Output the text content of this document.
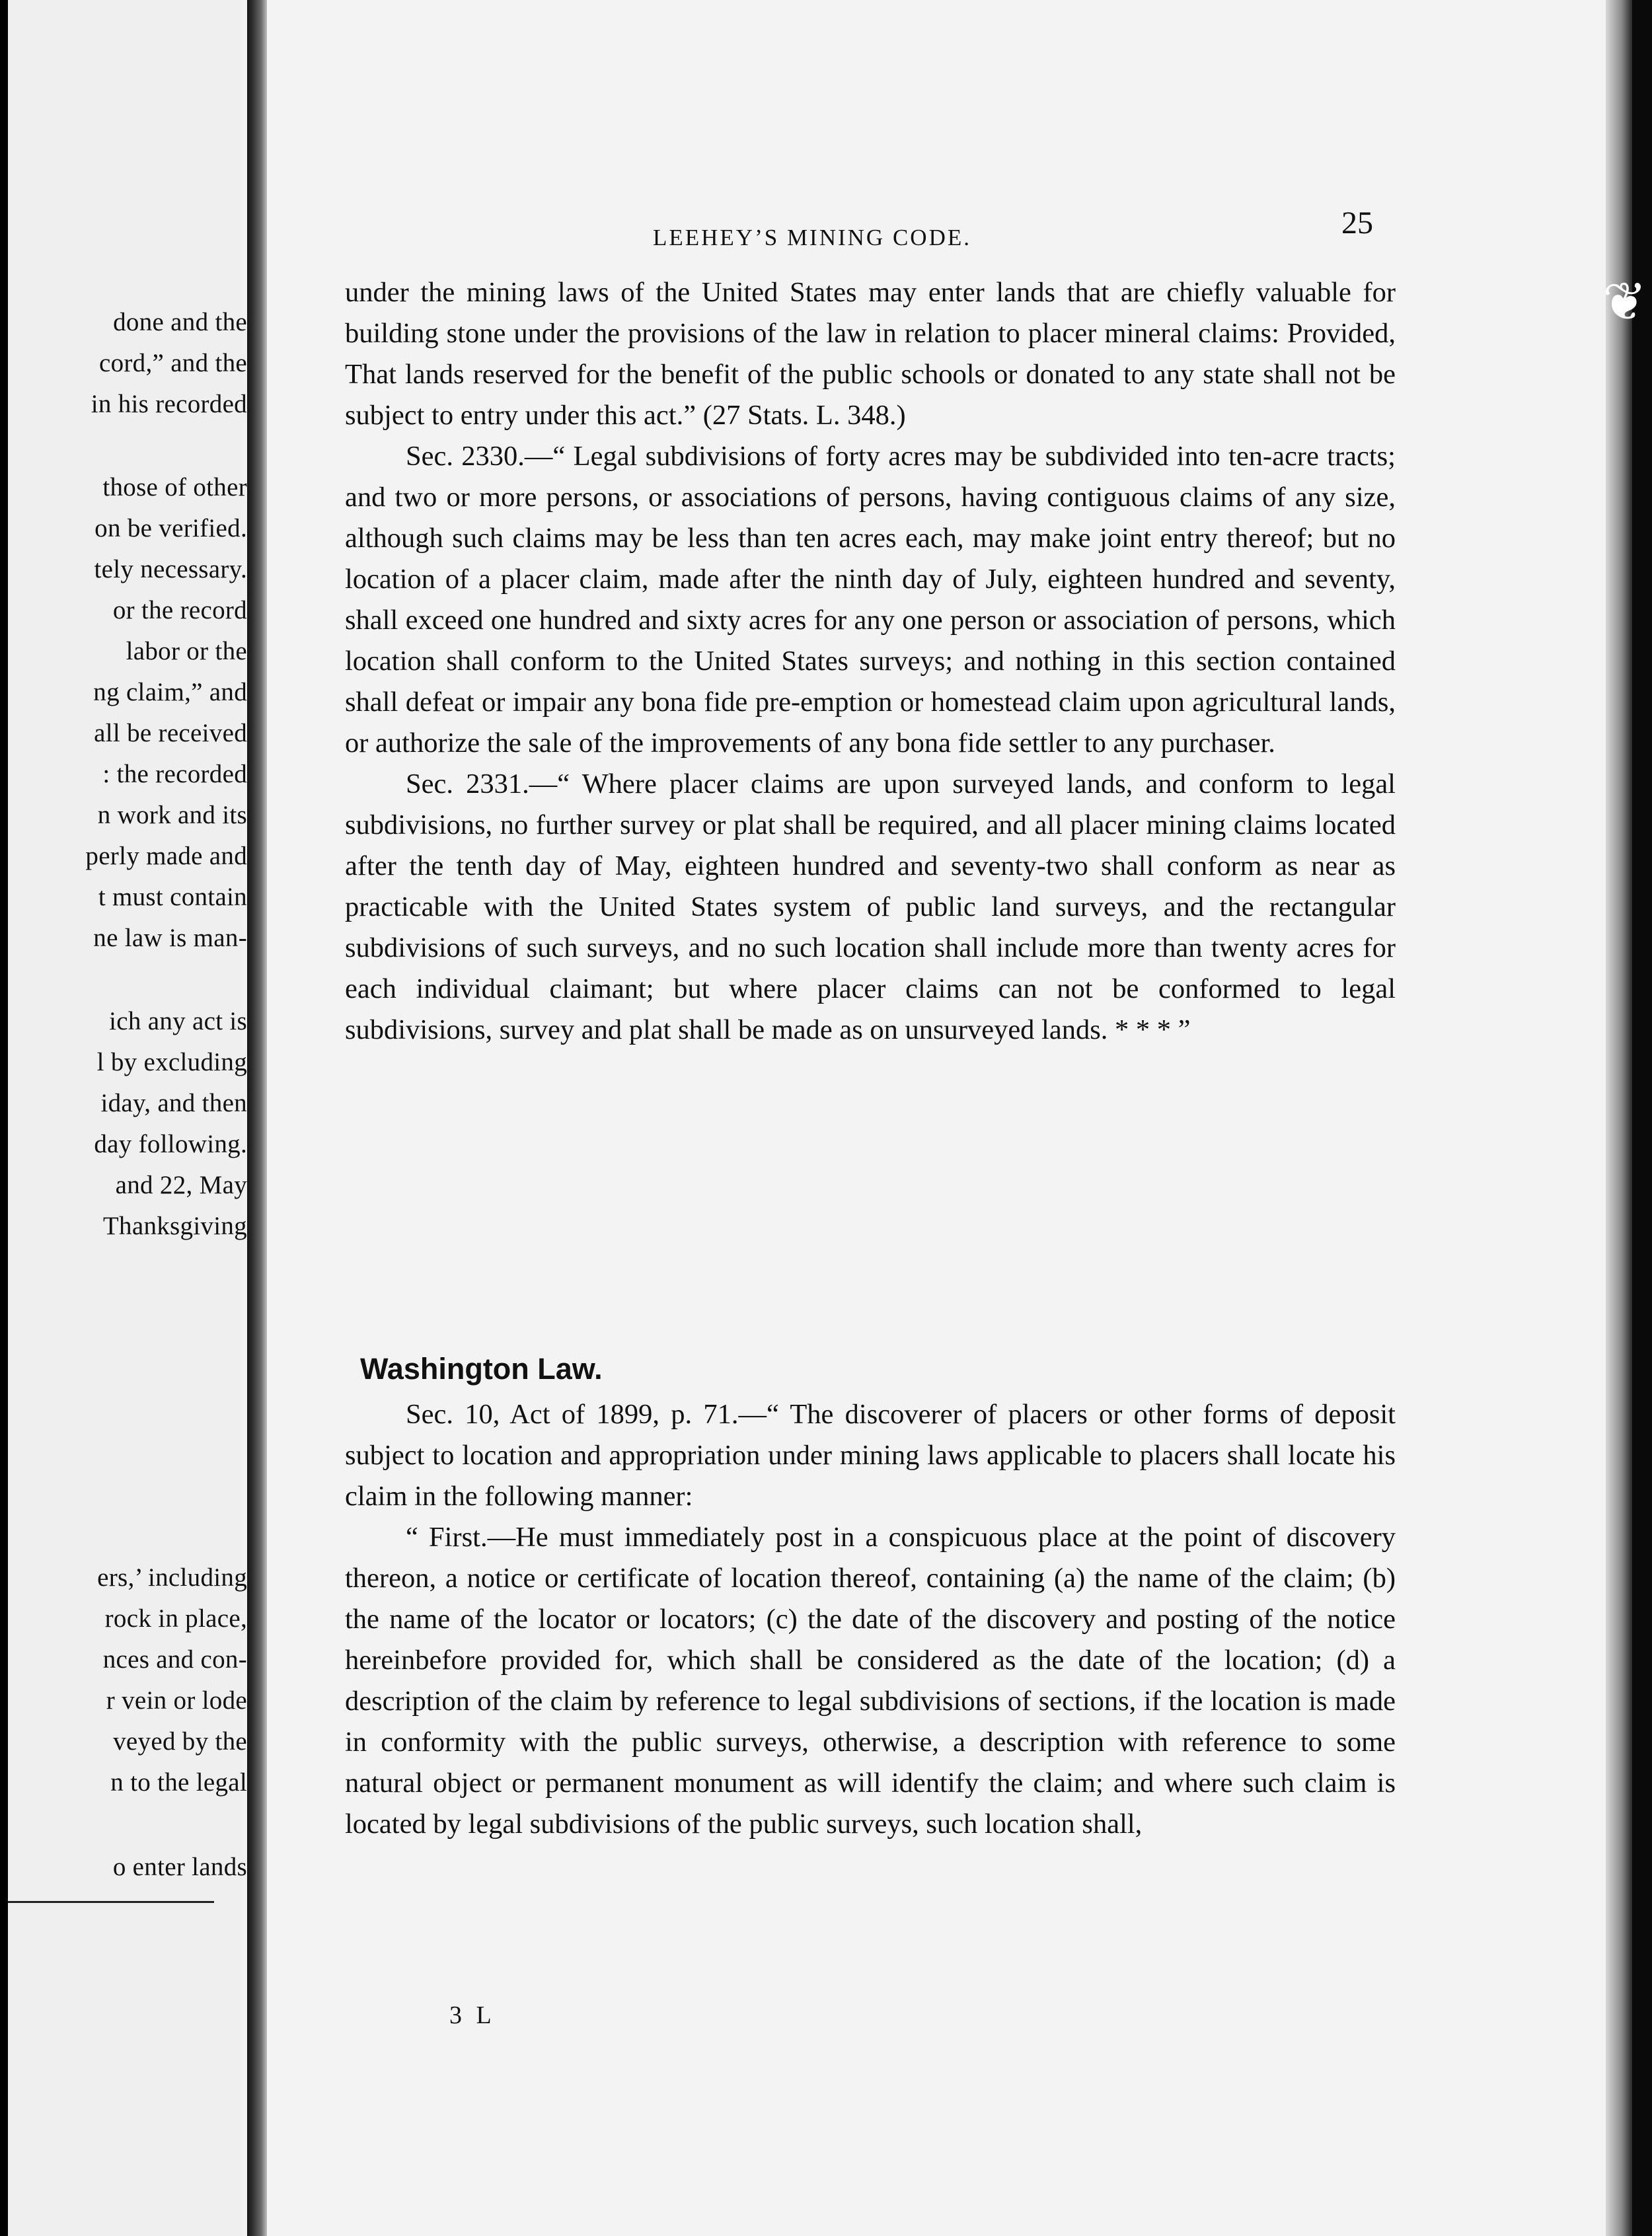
done and the
cord,” and the
in his recorded
those of other
on be verified.
tely necessary.
or the record
labor or the
ng claim,” and
all be received
: the recorded
n work and its
perly made and
t must contain
ne law is man-
ich any act is
l by excluding
iday, and then
day following.
and 22, May
Thanksgiving
ers,’ including
rock in place,
nces and con-
r vein or lode
veyed by the
n to the legal
o enter lands
LEEHEY’S MINING CODE.	25

under the mining laws of the United States may enter lands that are chiefly valuable for building stone under the provisions of the law in relation to placer mineral claims: Provided, That lands reserved for the benefit of the public schools or donated to any state shall not be subject to entry under this act.” (27 Stats. L. 348.)

Sec. 2330.—“ Legal subdivisions of forty acres may be subdivided into ten-acre tracts; and two or more persons, or associations of persons, having contiguous claims of any size, although such claims may be less than ten acres each, may make joint entry thereof; but no location of a placer claim, made after the ninth day of July, eighteen hundred and seventy, shall exceed one hundred and sixty acres for any one person or association of persons, which location shall conform to the United States surveys; and nothing in this section contained shall defeat or impair any bona fide pre-emption or homestead claim upon agricultural lands, or authorize the sale of the improvements of any bona fide settler to any purchaser.

Sec. 2331.—“ Where placer claims are upon surveyed lands, and conform to legal subdivisions, no further survey or plat shall be required, and all placer mining claims located after the tenth day of May, eighteen hundred and seventy-two shall conform as near as practicable with the United States system of public land surveys, and the rectangular subdivisions of such surveys, and no such location shall include more than twenty acres for each individual claimant; but where placer claims can not be conformed to legal subdivisions, survey and plat shall be made as on unsurveyed lands. * * * ”

Washington Law.

Sec. 10, Act of 1899, p. 71.—“ The discoverer of placers or other forms of deposit subject to location and appropriation under mining laws applicable to placers shall locate his claim in the following manner:

“ First.—He must immediately post in a conspicuous place at the point of discovery thereon, a notice or certificate of location thereof, containing (a) the name of the claim; (b) the name of the locator or locators; (c) the date of the discovery and posting of the notice hereinbefore provided for, which shall be considered as the date of the location; (d) a description of the claim by reference to legal subdivisions of sections, if the location is made in conformity with the public surveys, otherwise, a description with reference to some natural object or permanent monument as will identify the claim; and where such claim is located by legal subdivisions of the public surveys, such location shall,

3 L
❦
